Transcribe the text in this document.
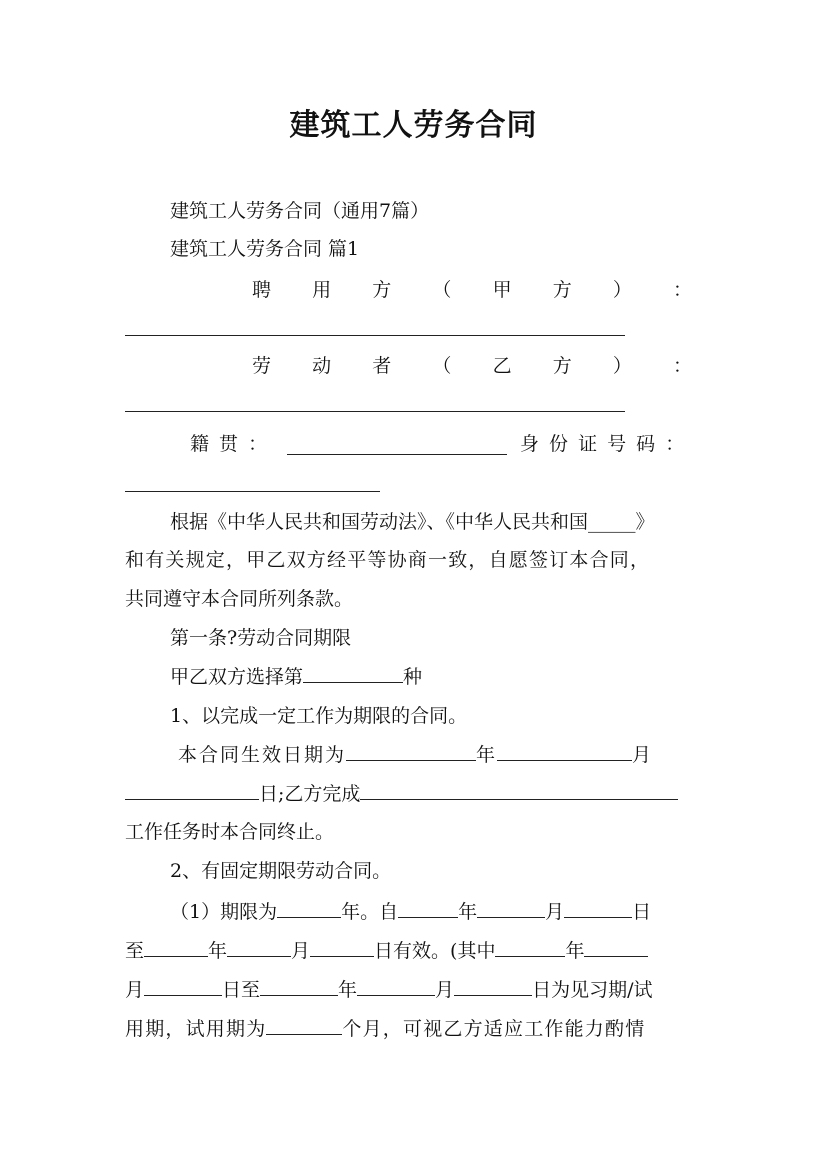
建筑工人劳务合同
建筑工人劳务合同（通用7篇）
建筑工人劳务合同 篇1
聘 用 方 （ 甲 方 ） ：
劳 动 者 （ 乙 方 ） ：
籍 贯 ：	身 份 证 号 码 ：
根据《中华人民共和国劳动法》、《中华人民共和国_____》
和有关规定，甲乙双方经平等协商一致，自愿签订本合同，
共同遵守本合同所列条款。
第一条?劳动合同期限
甲乙双方选择第	种
1、以完成一定工作为期限的合同。
本合同生效日期为	年	月
日;乙方完成
工作任务时本合同终止。
2、有固定期限劳动合同。
（1）期限为	年。自	年	月	日
至	年	月	日有效。(其中	年
月	日至	年	月	日为见习期/试
用期，试用期为	个月，可视乙方适应工作能力酌情
